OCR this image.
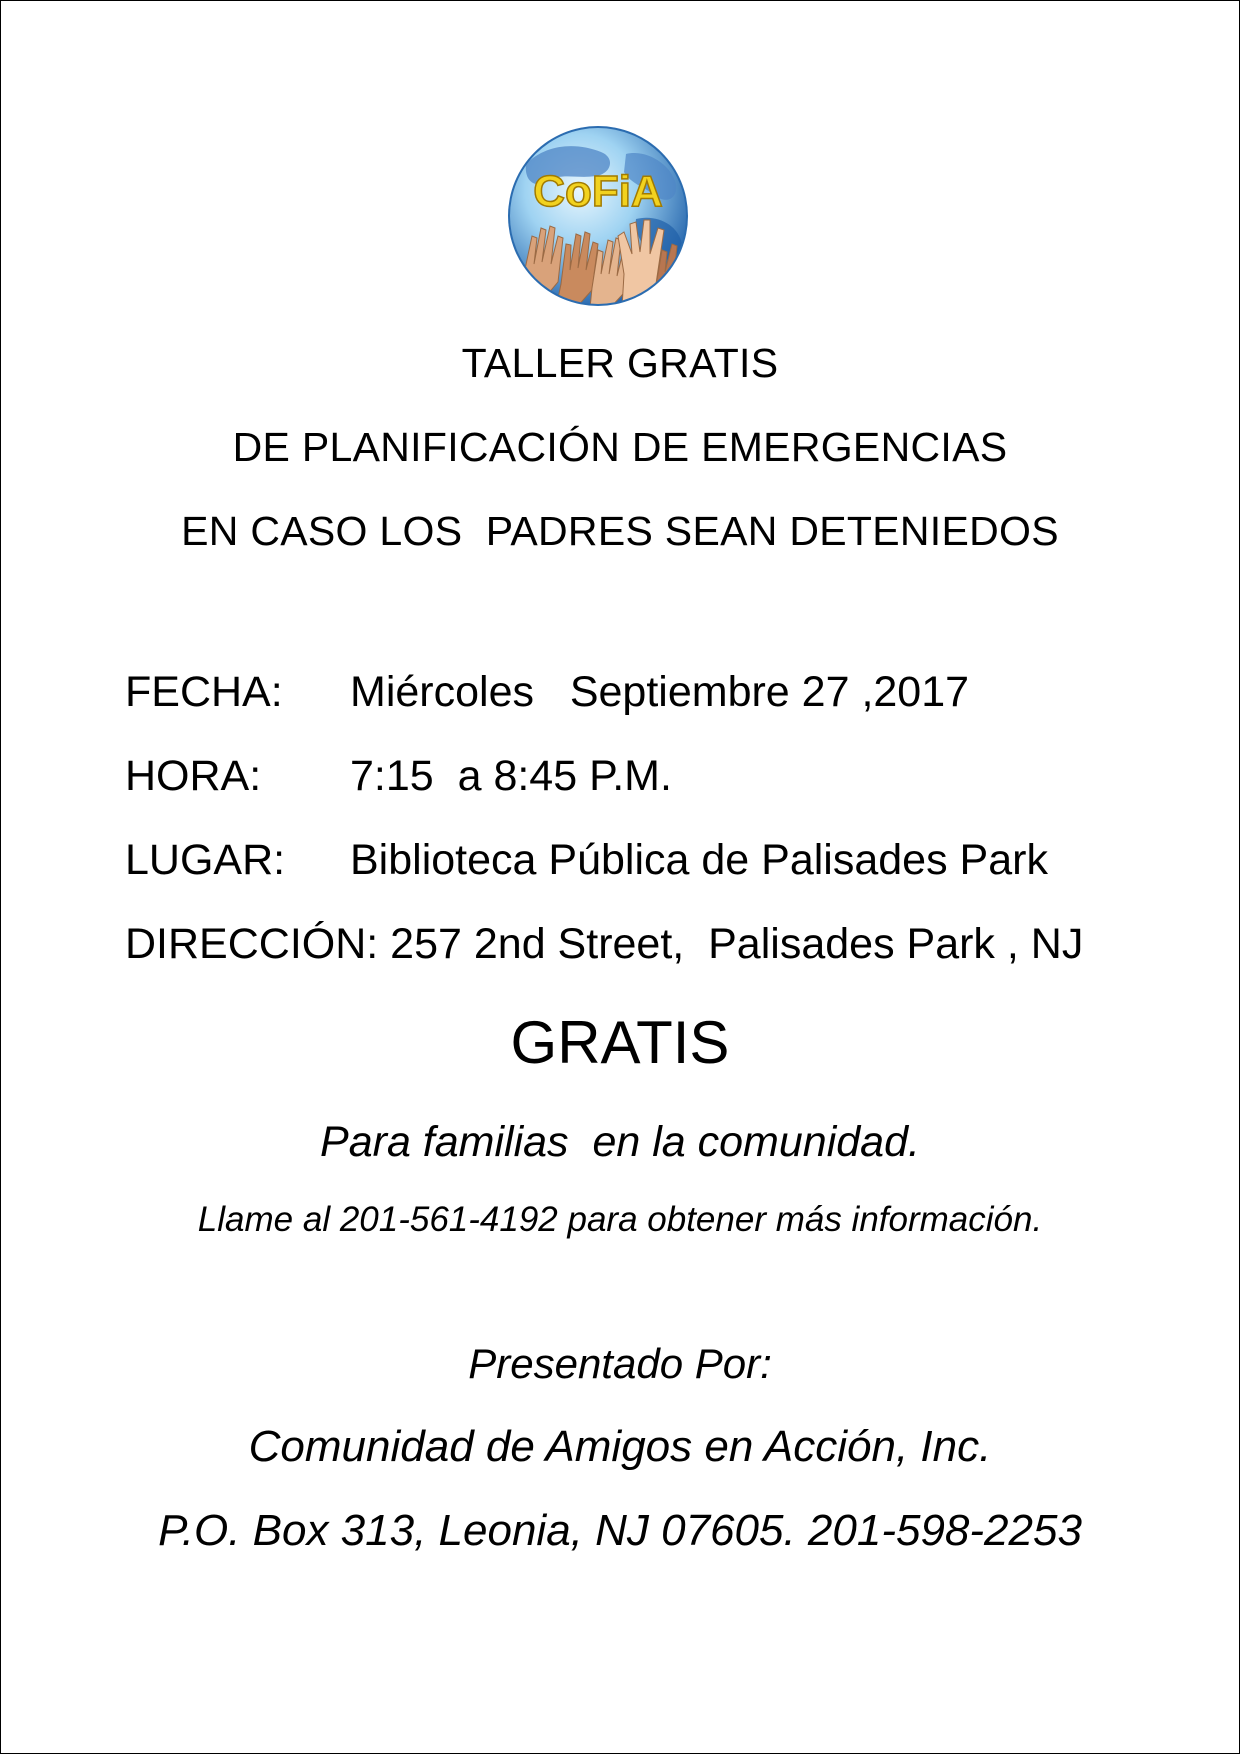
CoFiA
TALLER GRATIS
DE PLANIFICACIÓN DE EMERGENCIAS
EN CASO LOS  PADRES SEAN DETENIEDOS

FECHA:

Miércoles   Septiembre 27 ,2017

HORA:

7:15  a 8:45 P.M.

LUGAR:

Biblioteca Pública de Palisades Park

DIRECCIÓN: 257 2nd Street,  Palisades Park , NJ

GRATIS
Para familias  en la comunidad.
Llame al 201-561-4192 para obtener más información.
Presentado Por:
Comunidad de Amigos en Acción, Inc.
P.O. Box 313, Leonia, NJ 07605. 201-598-2253
